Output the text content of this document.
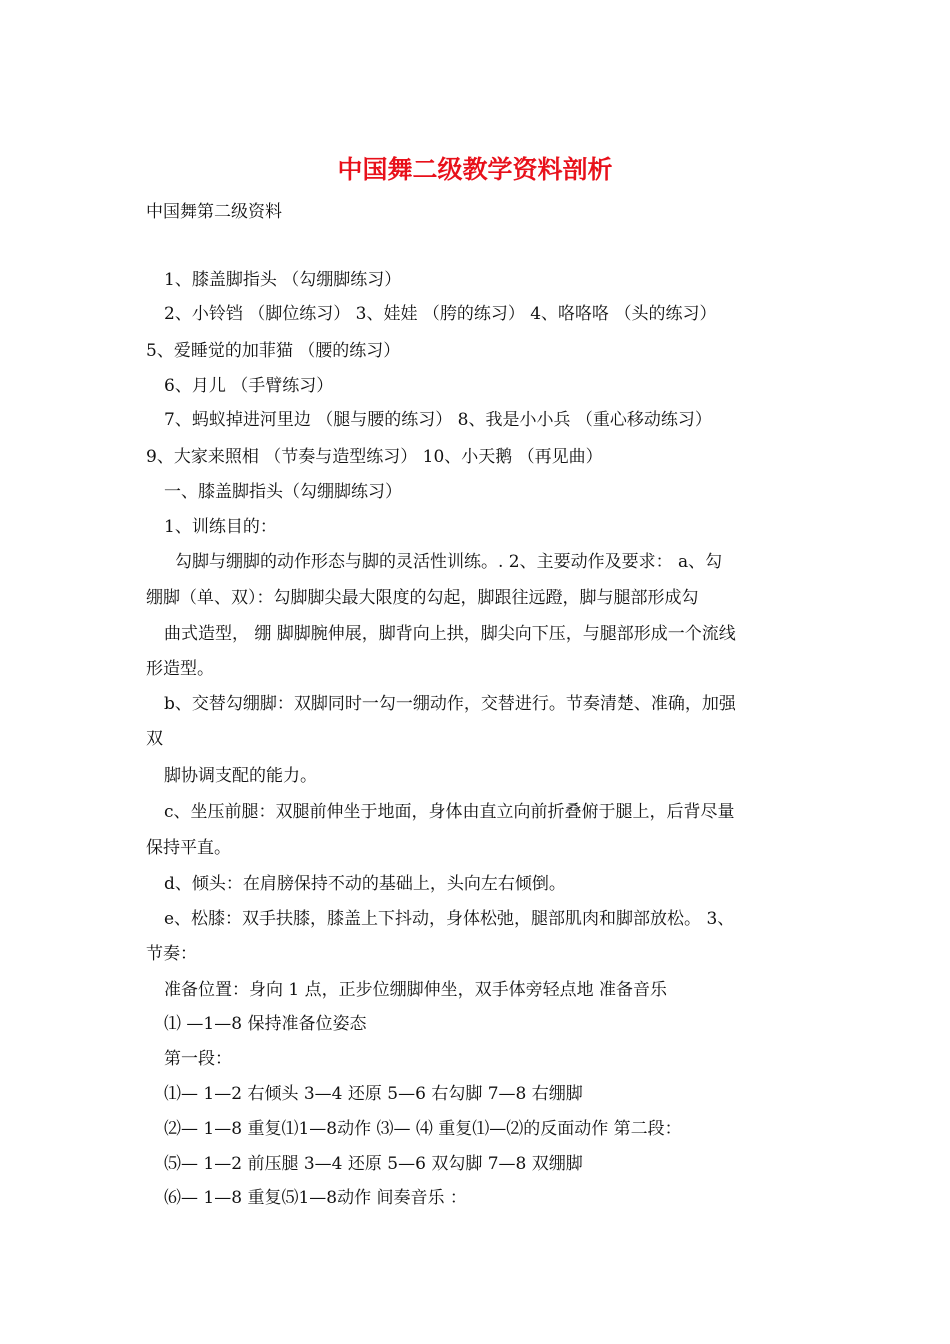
中国舞二级教学资料剖析

中国舞第二级资料

1、膝盖脚指头 （勾绷脚练习）

2、小铃铛 （脚位练习） 3、娃娃 （胯的练习） 4、咯咯咯 （头的练习）

5、爱睡觉的加菲猫 （腰的练习）

6、月儿 （手臂练习）

7、蚂蚁掉进河里边 （腿与腰的练习） 8、我是小小兵 （重心移动练习）

9、大家来照相 （节奏与造型练习） 10、小天鹅 （再见曲）

一、膝盖脚指头（勾绷脚练习）

1、训练目的：

勾脚与绷脚的动作形态与脚的灵活性训练。. 2、主要动作及要求： a、勾

绷脚（单、双）：勾脚脚尖最大限度的勾起，脚跟往远蹬，脚与腿部形成勾

曲式造型， 绷 脚脚腕伸展，脚背向上拱，脚尖向下压，与腿部形成一个流线

形造型。

b、交替勾绷脚：双脚同时一勾一绷动作，交替进行。节奏清楚、准确，加强

双

脚协调支配的能力。

c、坐压前腿：双腿前伸坐于地面，身体由直立向前折叠俯于腿上，后背尽量

保持平直。

d、倾头：在肩膀保持不动的基础上，头向左右倾倒。

e、松膝：双手扶膝，膝盖上下抖动，身体松弛，腿部肌肉和脚部放松。 3、

节奏：

准备位置：身向 1 点，正步位绷脚伸坐，双手体旁轻点地 准备音乐

⑴ —1—8 保持准备位姿态

第一段：

⑴— 1—2 右倾头 3—4 还原 5—6 右勾脚 7—8 右绷脚

⑵— 1—8 重复⑴1—8动作 ⑶— ⑷ 重复⑴—⑵的反面动作 第二段：

⑸— 1—2 前压腿 3—4 还原 5—6 双勾脚 7—8 双绷脚

⑹— 1—8 重复⑸1—8动作 间奏音乐 ：
